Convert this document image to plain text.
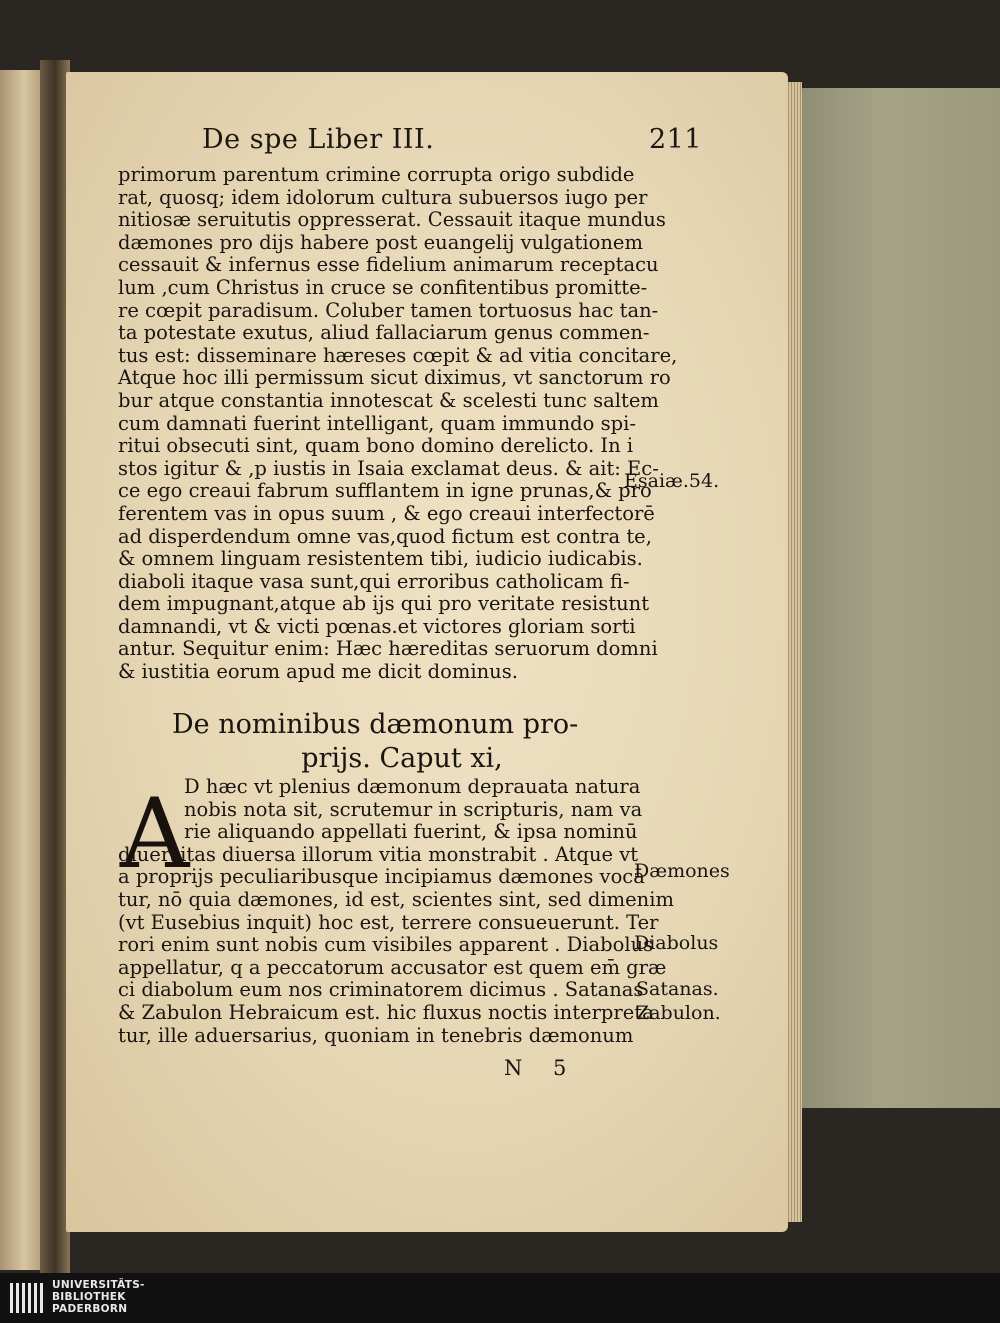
De spe Liber III.	211
primorum parentum crimine corrupta origo subdide
rat, quosq; idem idolorum cultura subuersos iugo per
nitiosæ seruitutis oppresserat. Cessauit itaque mundus
dæmones pro dijs habere post euangelij vulgationem
cessauit & infernus esse fidelium animarum receptacu
lum ,cum Christus in cruce se confitentibus promitte-
re cœpit paradisum. Coluber tamen tortuosus hac tan-
ta potestate exutus, aliud fallaciarum genus commen-
tus est: disseminare hæreses cœpit & ad vitia concitare,
Atque hoc illi permissum sicut diximus, vt sanctorum ro
bur atque constantia innotescat & scelesti tunc saltem
cum damnati fuerint intelligant, quam immundo spi-
ritui obsecuti sint, quam bono domino derelicto. In i
stos igitur & ,p iustis in Isaia exclamat deus. & ait: Ec-
ce ego creaui fabrum sufflantem in igne prunas,& pro
ferentem vas in opus suum , & ego creaui interfectorē
ad disperdendum omne vas,quod fictum est contra te,
& omnem linguam resistentem tibi, iudicio iudicabis.
diaboli itaque vasa sunt,qui erroribus catholicam fi-
dem impugnant,atque ab ijs qui pro veritate resistunt
damnandi, vt & victi pœnas.et victores gloriam sorti
antur. Sequitur enim: Hæc hæreditas seruorum domni
& iustitia eorum apud me dicit dominus.
De nominibus dæmonum pro-
prijs. Caput xi,
A
D hæc vt plenius dæmonum deprauata natura
nobis nota sit, scrutemur in scripturis, nam va
rie aliquando appellati fuerint, & ipsa nominū
diuersitas diuersa illorum vitia monstrabit . Atque vt
a proprijs peculiaribusque incipiamus dæmones vocā
tur, nō quia dæmones, id est, scientes sint, sed dimenim
(vt Eusebius inquit) hoc est, terrere consueuerunt. Ter
rori enim sunt nobis cum visibiles apparent . Diabolus
appellatur, q a peccatorum accusator est quem em̄ græ
ci diabolum eum nos criminatorem dicimus . Satanas
& Zabulon Hebraicum est. hic fluxus noctis interpreta
tur, ille aduersarius, quoniam in tenebris dæmonum
Esaiæ.54.
Dæmones
Diabolus
Satanas.
Zabulon.
N 5
UNIVERSITÄTS-
BIBLIOTHEK
PADERBORN
